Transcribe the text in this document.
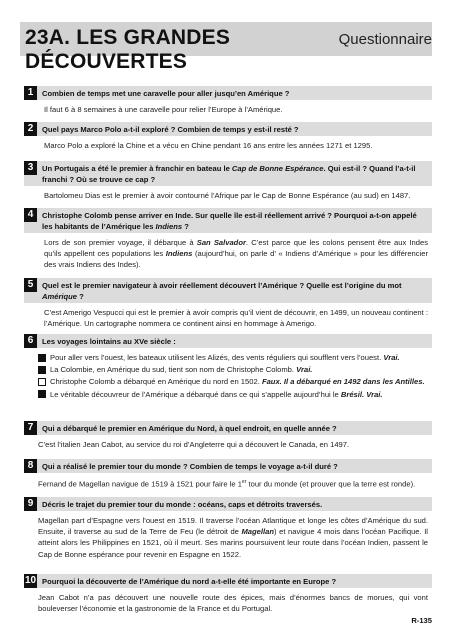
23A. LES GRANDES DÉCOUVERTES
Questionnaire
1	Combien de temps met une caravelle pour aller jusqu’en Amérique ?
Il faut 6 à 8 semaines à une caravelle pour relier l’Europe à l’Amérique.
2	Quel pays Marco Polo a-t-il exploré ? Combien de temps y est-il resté ?
Marco Polo a exploré la Chine et a vécu en Chine pendant 16 ans entre les années 1271 et 1295.
3	Un Portugais a été le premier à franchir en bateau le Cap de Bonne Espérance. Qui est-il ? Quand l’a-t-il franchi ? Où se trouve ce cap ?
Bartolomeu Dias est le premier à avoir contourné l’Afrique par le Cap de Bonne Espérance (au sud) en 1487.
4	Christophe Colomb pense arriver en Inde. Sur quelle île est-il réellement arrivé ? Pourquoi a-t-on appelé les habitants de l’Amérique les Indiens ?
Lors de son premier voyage, il débarque à San Salvador. C’est parce que les colons pensent être aux Indes qu’ils appellent ces populations les Indiens (aujourd’hui, on parle d’ « Indiens d’Amérique » pour les différencier des vrais Indiens des Indes).
5	Quel est le premier navigateur à avoir réellement découvert l’Amérique ? Quelle est l’origine du mot Amérique ?
C’est Amerigo Vespucci qui est le premier à avoir compris qu’il vient de découvrir, en 1499, un nouveau continent : l’Amérique. Un cartographe nommera ce continent ainsi en hommage à Amerigo.
6	Les voyages lointains au XVe siècle :
Pour aller vers l’ouest, les bateaux utilisent les Alizés, des vents réguliers qui soufflent vers l’ouest. Vrai.
La Colombie, en Amérique du sud, tient son nom de Christophe Colomb. Vrai.
Christophe Colomb a débarqué en Amérique du nord en 1502. Faux. Il a débarqué en 1492 dans les Antilles.
Le véritable découvreur de l’Amérique a débarqué dans ce qui s’appelle aujourd’hui le Brésil. Vrai.
7	Qui a débarqué le premier en Amérique du Nord, à quel endroit, en quelle année ?
C’est l’italien Jean Cabot, au service du roi d’Angleterre qui a découvert le Canada, en 1497.
8	Qui a réalisé le premier tour du monde ? Combien de temps le voyage a-t-il duré ?
Fernand de Magellan navigue de 1519 à 1521 pour faire le 1er tour du monde (et prouver que la terre est ronde).
9	Décris le trajet du premier tour du monde : océans, caps et détroits traversés.
Magellan part d’Espagne vers l’ouest en 1519. Il traverse l’océan Atlantique et longe les côtes d’Amérique du sud. Ensuite, il traverse au sud de la Terre de Feu (le détroit de Magellan) et navigue 4 mois dans l’océan Pacifique. Il atteint alors les Philippines en 1521, où il meurt. Ses marins poursuivent leur route dans l’océan Indien, passent le Cap de Bonne espérance pour revenir en Espagne en 1522.
10 Pourquoi la découverte de l’Amérique du nord a-t-elle été importante en Europe ?
Jean Cabot n’a pas découvert une nouvelle route des épices, mais d’énormes bancs de morues, qui vont bouleverser l’économie et la gastronomie de la France et du Portugal.
R-135
